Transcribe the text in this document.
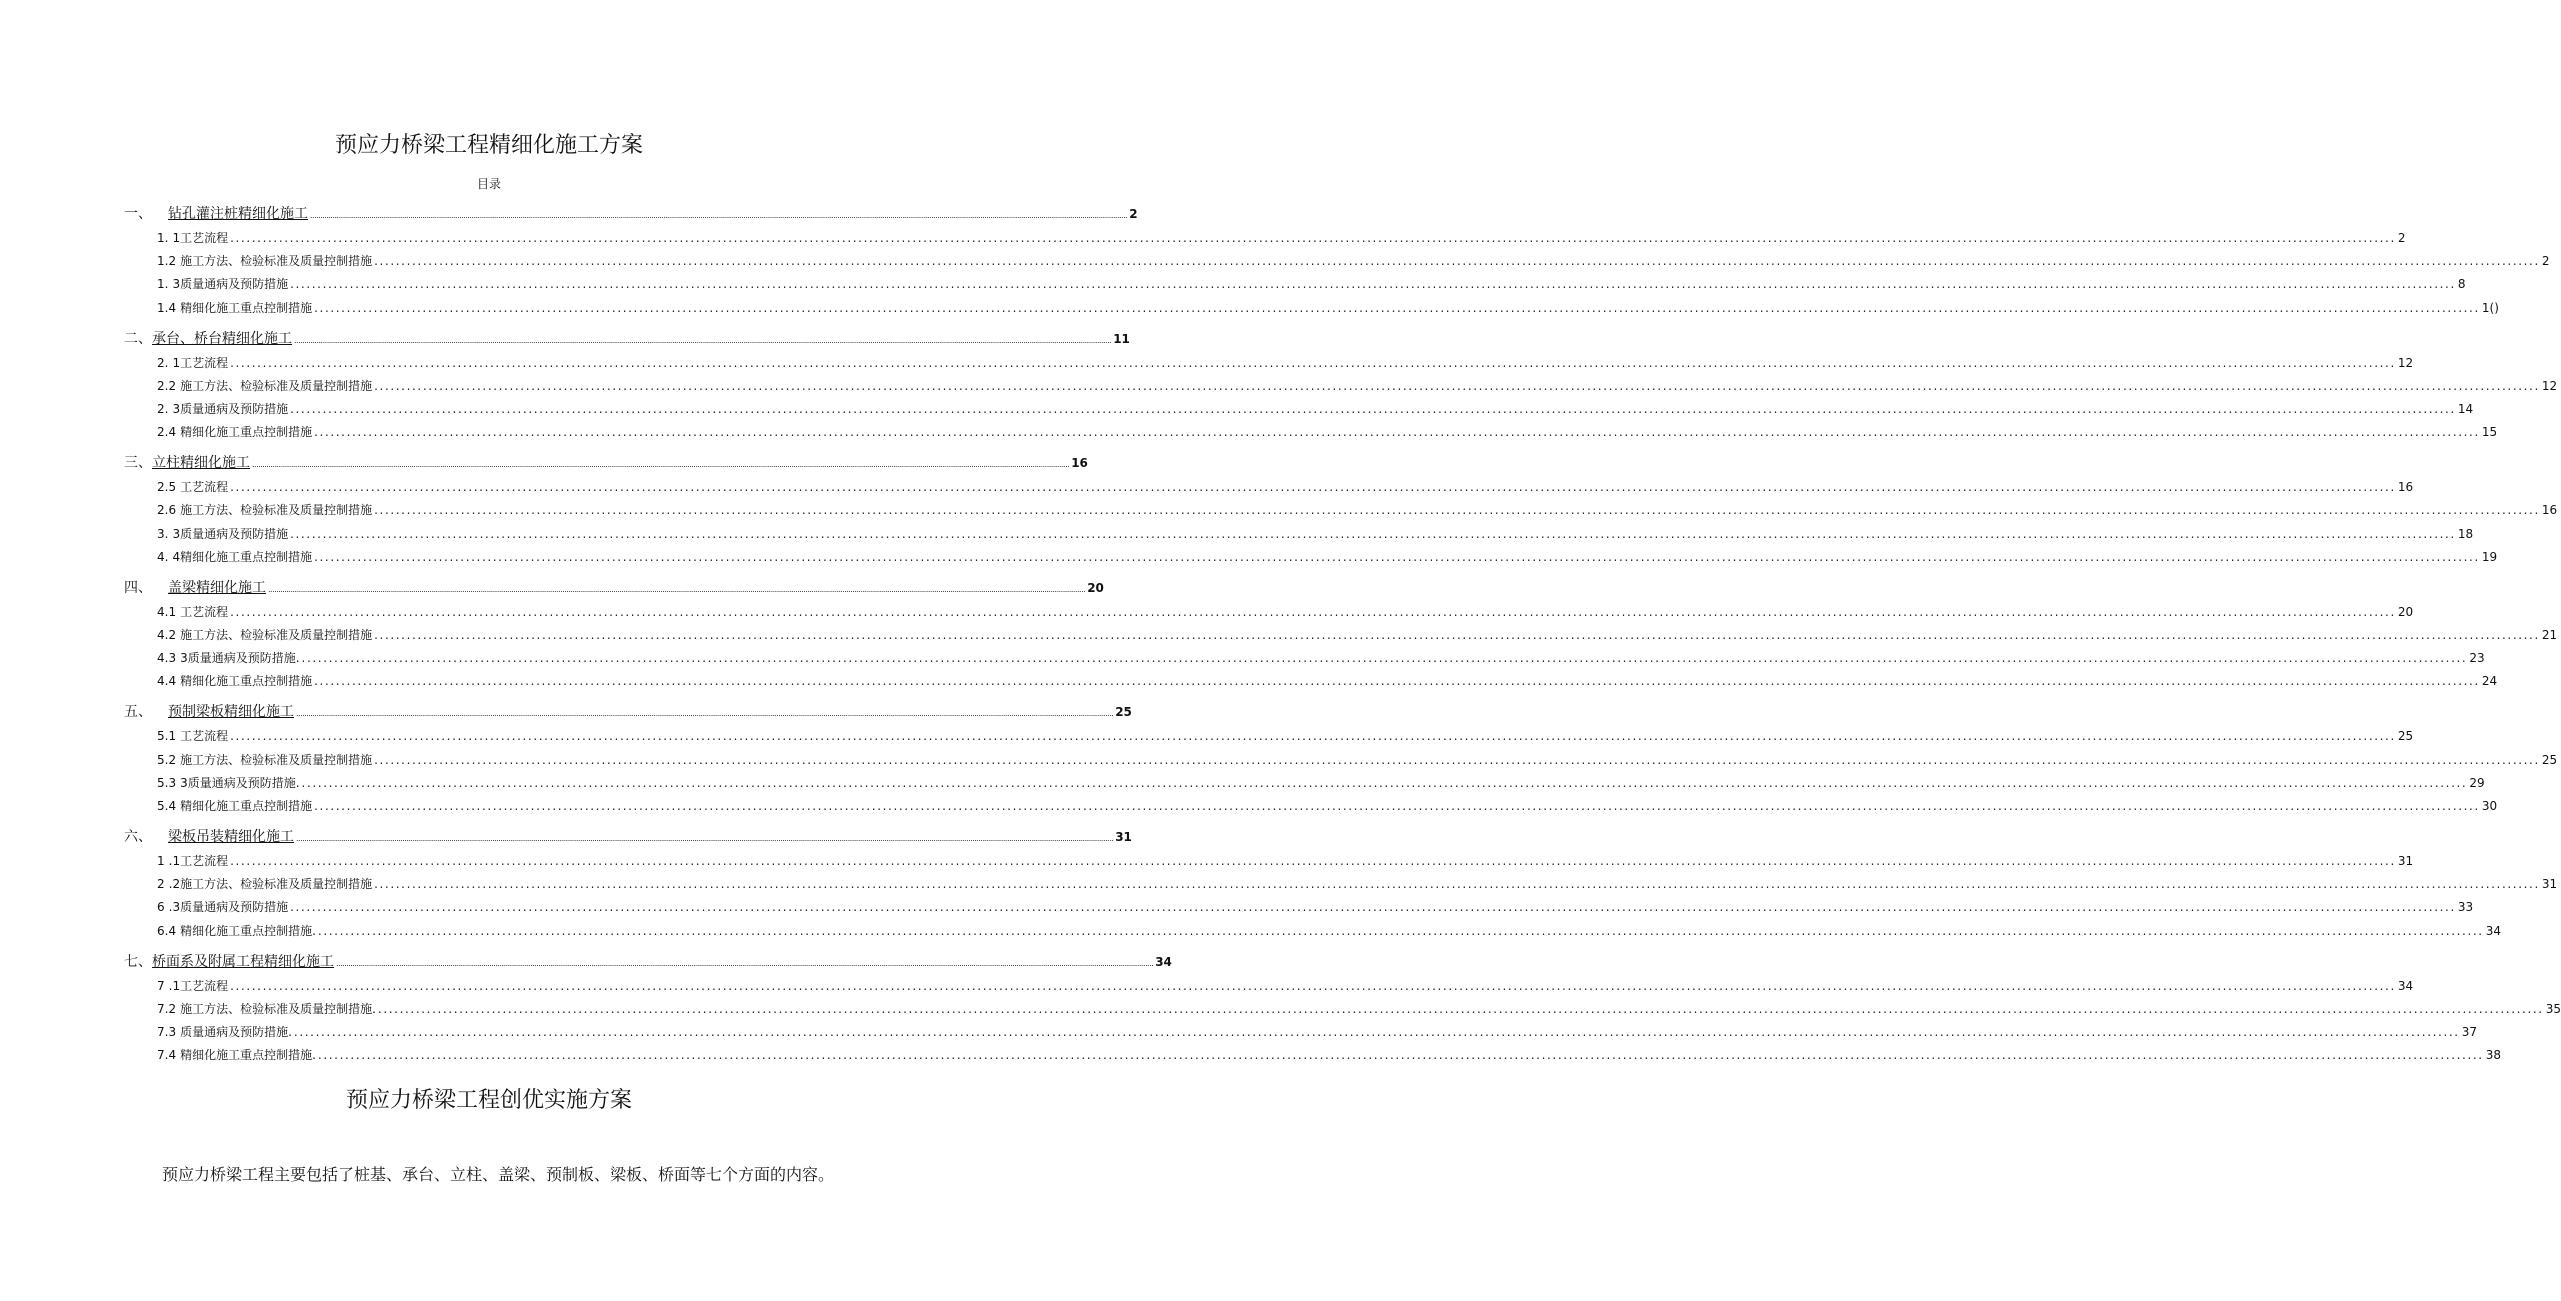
预应力桥梁工程精细化施工方案
目录
一、 钻孔灌注桩精细化施工 ................................................................................................................................................................................................................................................................................................................................................................................................................ 2
1. 1工艺流程 ................................................................................................................................................................................................................................................................................................................................................................................................................ 2
1.2 施工方法、检验标准及质量控制措施 ................................................................................................................................................................................................................................................................................................................................................................................................................ 2
1. 3质量通病及预防措施 ................................................................................................................................................................................................................................................................................................................................................................................................................ 8
1.4 精细化施工重点控制措施 ................................................................................................................................................................................................................................................................................................................................................................................................................ 1()
二、承台、桥台精细化施工 ................................................................................................................................................................................................................................................................................................................................................................................................................ 11
2. 1工艺流程 ................................................................................................................................................................................................................................................................................................................................................................................................................ 12
2.2 施工方法、检验标准及质量控制措施 ................................................................................................................................................................................................................................................................................................................................................................................................................ 12
2. 3质量通病及预防措施 ................................................................................................................................................................................................................................................................................................................................................................................................................ 14
2.4 精细化施工重点控制措施 ................................................................................................................................................................................................................................................................................................................................................................................................................ 15
三、立柱精细化施工 ................................................................................................................................................................................................................................................................................................................................................................................................................ 16
2.5 工艺流程 ................................................................................................................................................................................................................................................................................................................................................................................................................ 16
2.6 施工方法、检验标准及质量控制措施 ................................................................................................................................................................................................................................................................................................................................................................................................................ 16
3. 3质量通病及预防措施 ................................................................................................................................................................................................................................................................................................................................................................................................................ 18
4. 4精细化施工重点控制措施 ................................................................................................................................................................................................................................................................................................................................................................................................................ 19
四、 盖梁精细化施工 ................................................................................................................................................................................................................................................................................................................................................................................................................ 20
4.1 工艺流程 ................................................................................................................................................................................................................................................................................................................................................................................................................ 20
4.2 施工方法、检验标准及质量控制措施 ................................................................................................................................................................................................................................................................................................................................................................................................................ 21
4.3 3质量通病及预防措施. ................................................................................................................................................................................................................................................................................................................................................................................................................ 23
4.4 精细化施工重点控制措施 ................................................................................................................................................................................................................................................................................................................................................................................................................ 24
五、 预制梁板精细化施工 ................................................................................................................................................................................................................................................................................................................................................................................................................ 25
5.1 工艺流程 ................................................................................................................................................................................................................................................................................................................................................................................................................ 25
5.2 施工方法、检验标准及质量控制措施 ................................................................................................................................................................................................................................................................................................................................................................................................................ 25
5.3 3质量通病及预防措施. ................................................................................................................................................................................................................................................................................................................................................................................................................ 29
5.4 精细化施工重点控制措施 ................................................................................................................................................................................................................................................................................................................................................................................................................ 30
六、 梁板吊装精细化施工 ................................................................................................................................................................................................................................................................................................................................................................................................................ 31
1 .1工艺流程 ................................................................................................................................................................................................................................................................................................................................................................................................................ 31
2 .2施工方法、检验标准及质量控制措施 ................................................................................................................................................................................................................................................................................................................................................................................................................ 31
6 .3质量通病及预防措施 ................................................................................................................................................................................................................................................................................................................................................................................................................ 33
6.4 精细化施工重点控制措施. ................................................................................................................................................................................................................................................................................................................................................................................................................ 34
七、桥面系及附属工程精细化施工 ................................................................................................................................................................................................................................................................................................................................................................................................................ 34
7 .1工艺流程 ................................................................................................................................................................................................................................................................................................................................................................................................................ 34
7.2 施工方法、检验标准及质量控制措施. ................................................................................................................................................................................................................................................................................................................................................................................................................ 35
7.3 质量通病及预防措施. ................................................................................................................................................................................................................................................................................................................................................................................................................ 37
7.4 精细化施工重点控制措施. ................................................................................................................................................................................................................................................................................................................................................................................................................ 38
预应力桥梁工程创优实施方案
预应力桥梁工程主要包括了桩基、承台、立柱、盖梁、预制板、梁板、桥面等七个方面的内容。
